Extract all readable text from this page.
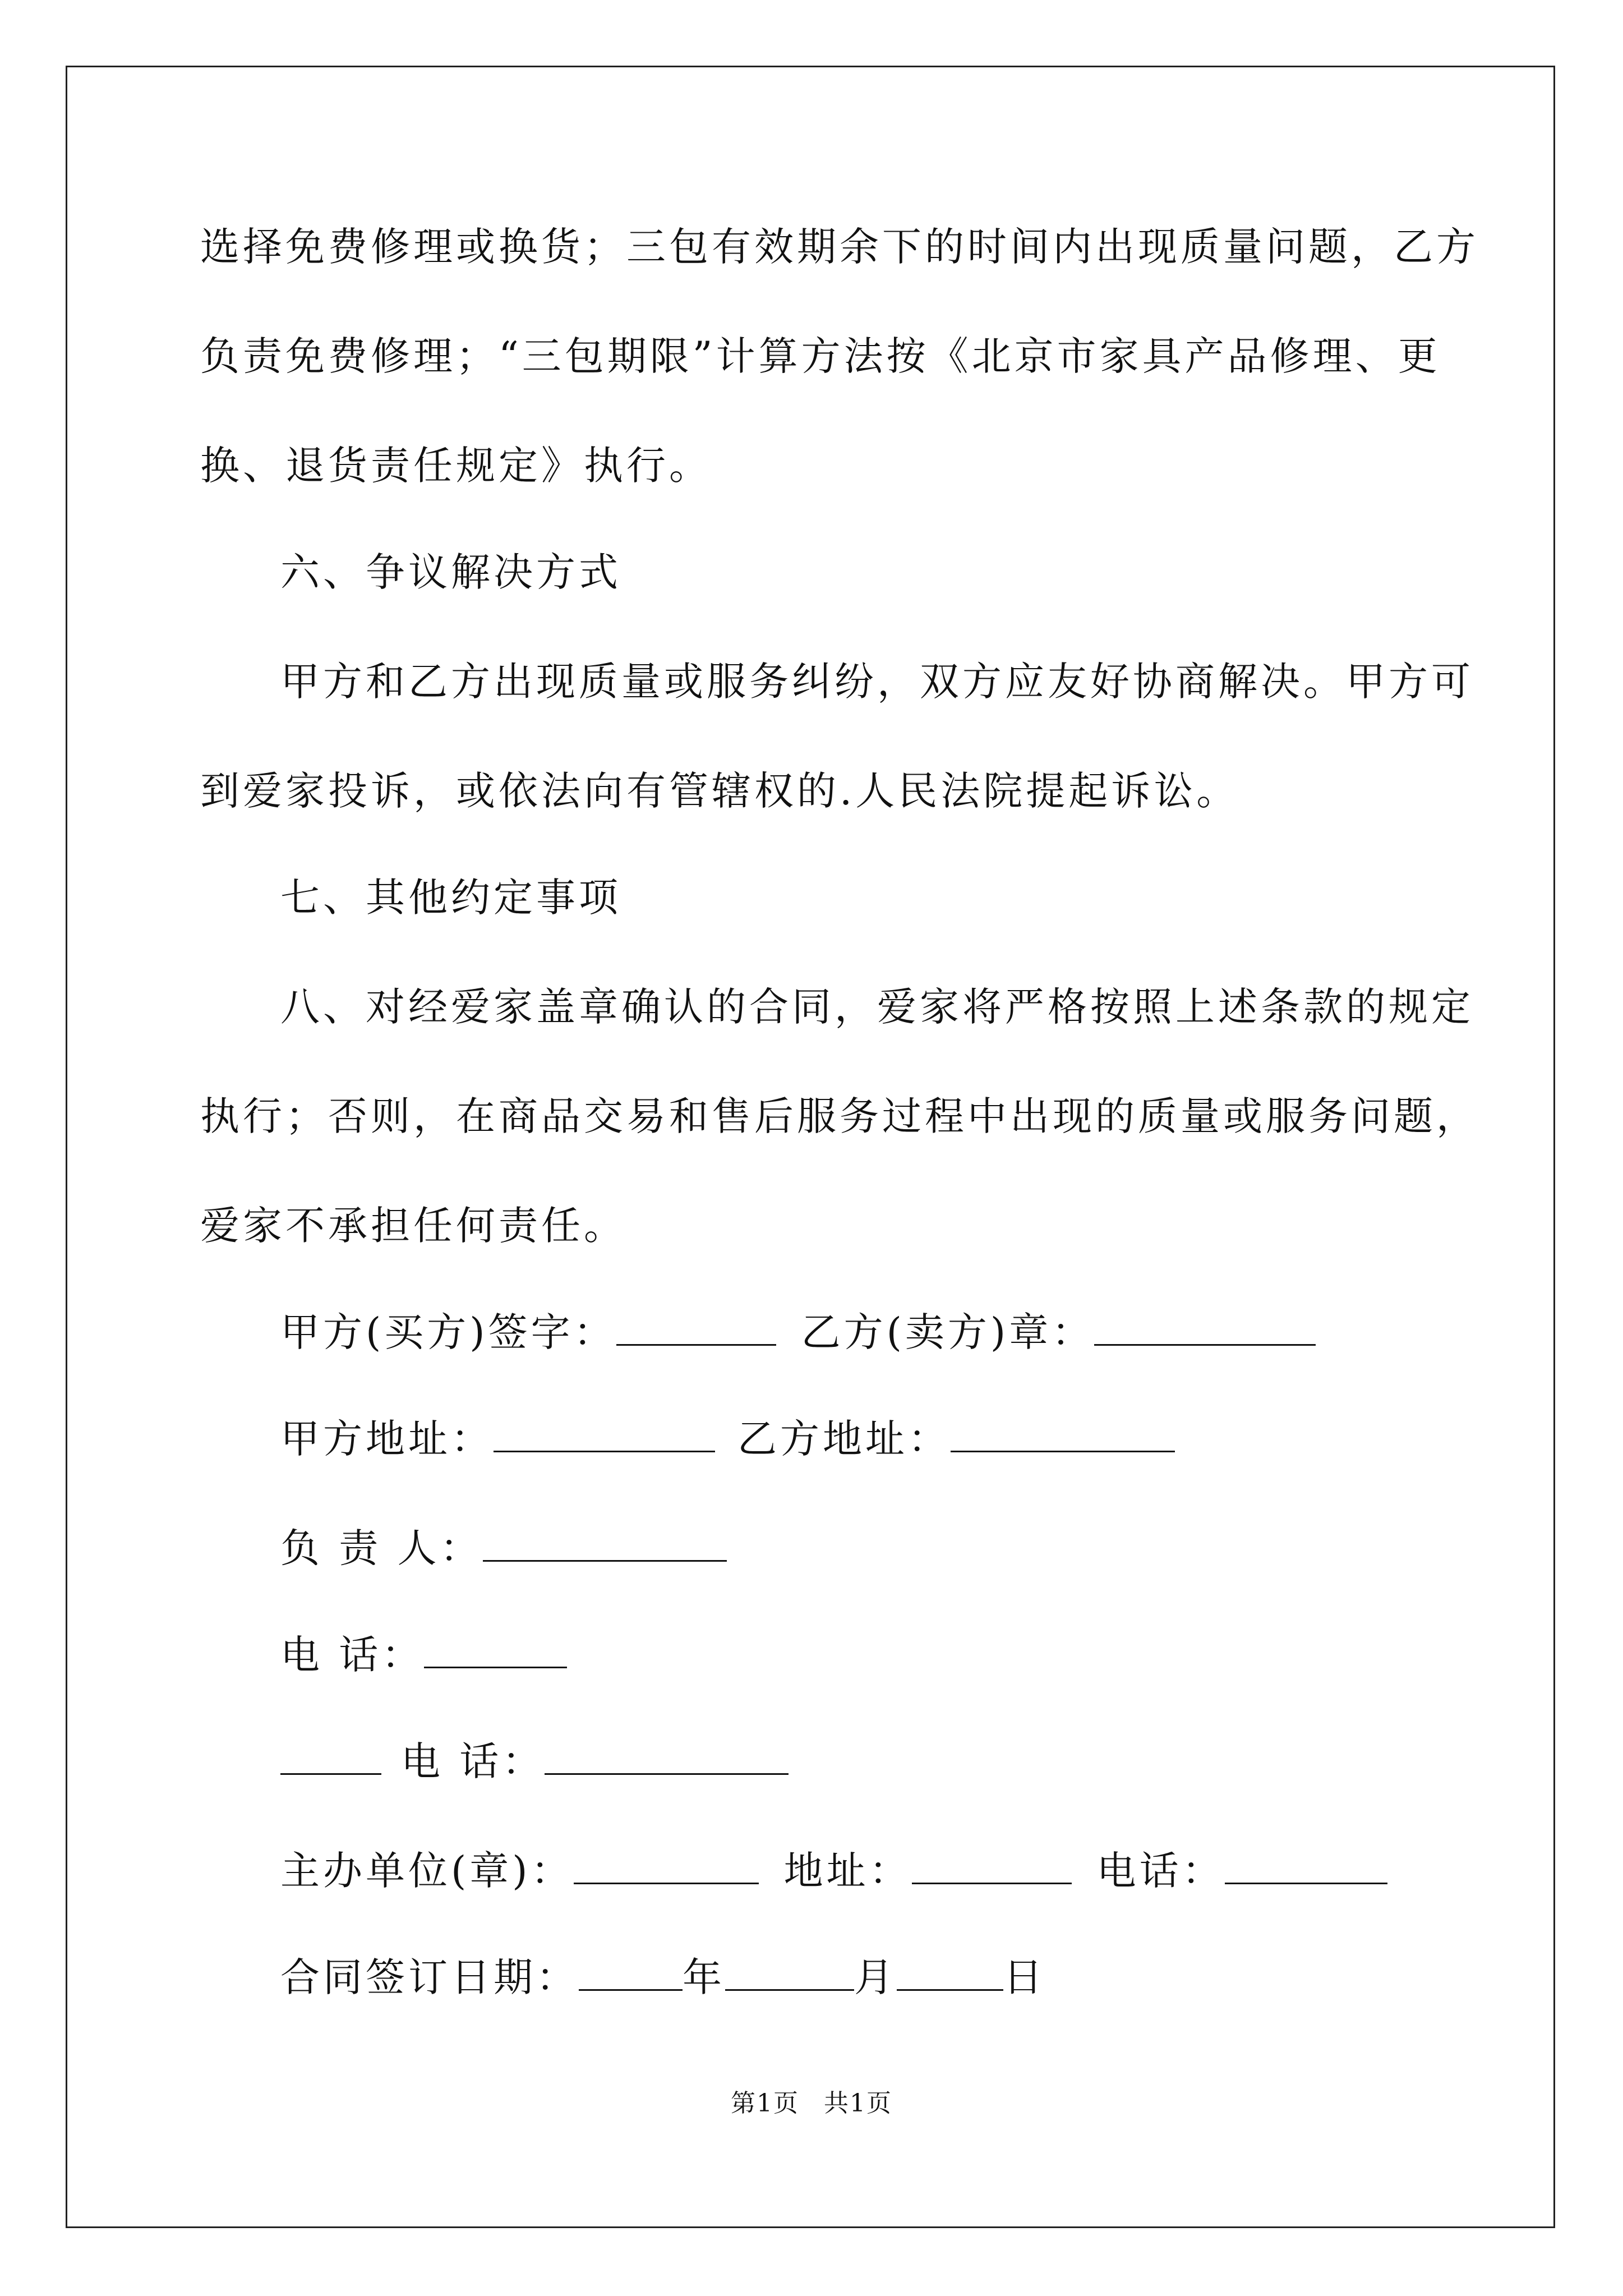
选择免费修理或换货；三包有效期余下的时间内出现质量问题，乙方
负责免费修理；“三包期限”计算方法按《北京市家具产品修理、更
换、退货责任规定》执行。
六、争议解决方式
甲方和乙方出现质量或服务纠纷，双方应友好协商解决。甲方可
到爱家投诉，或依法向有管辖权的.人民法院提起诉讼。
七、其他约定事项
八、对经爱家盖章确认的合同，爱家将严格按照上述条款的规定
执行；否则，在商品交易和售后服务过程中出现的质量或服务问题，
爱家不承担任何责任。
甲方(买方)签字：	乙方(卖方)章：
甲方地址：	乙方地址：
负 责 人：
电 话：
电 话：
主办单位(章)：	地址：	电话：
合同签订日期：	年	月	日
第1页 共1页
